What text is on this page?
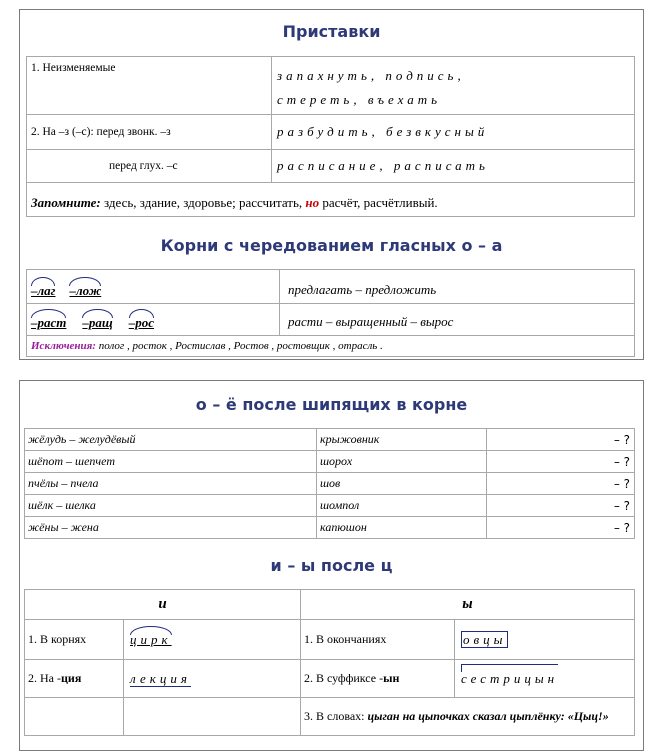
Приставки
1. Неизменяемые	запахнуть, подпись,
стереть, въехать

2. На –з (–с): перед звонк. –з	разбудить, безвкусный
перед глух. –с	расписание, расписать
Запомните: здесь, здание, здоровье; рассчитать, но расчёт, расчётливый.	
Корни с чередованием гласных о – а
–лаг –лож	предлагать – предложить

–раст –ращ –рос	расти – выращенный – вырос
Исключения: полог , росток , Ростислав , Ростов , ростовщик , отрасль .	
о – ё после шипящих в корне
жёлудь – желудёвый	крыжовник	– ?
шёпот – шепчет	шорох	– ?
пчёлы – пчела	шов	– ?
шёлк – шелка	шомпол	– ?
жёны – жена	капюшон	– ?
и – ы после ц
и		ы	
1. В корнях	цирк	1. В окончаниях	овцы
2. На -ция	лекция	2. В суффиксе -ын	сестрицын
		3. В словах: цыган на цыпочках сказал цыплёнку: «Цыц!»	
